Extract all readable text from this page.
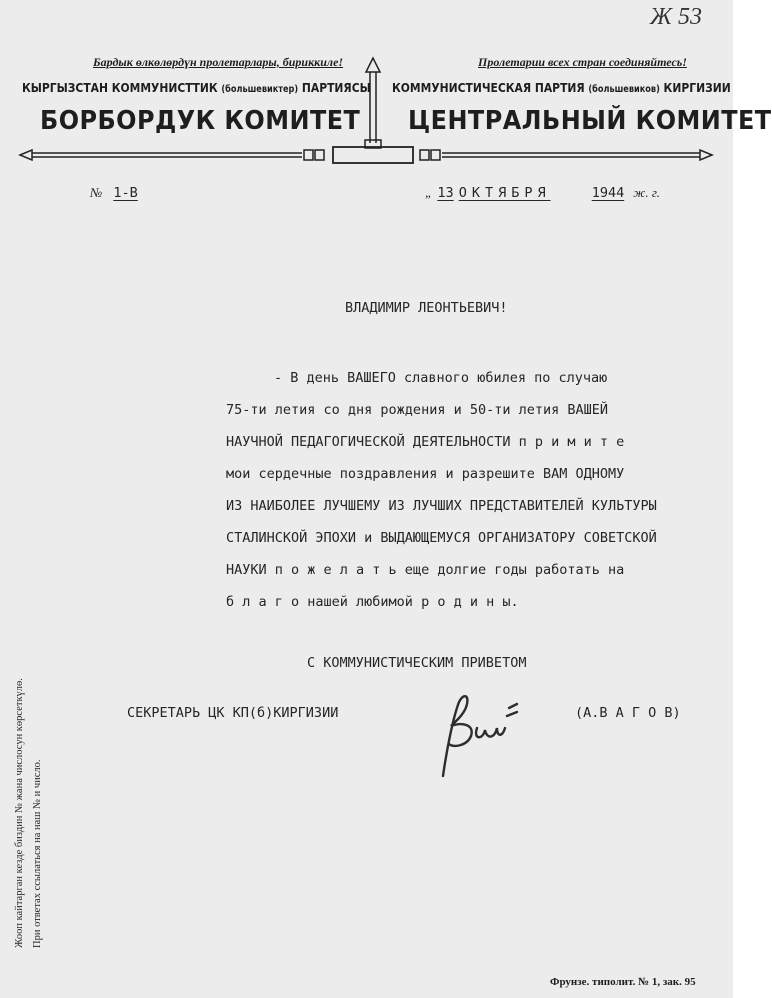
Ж 53
Бардык өлкөлөрдүн пролетарлары, бириккиле!
КЫРГЫЗСТАН КОММУНИСТТИК (большевиктер) ПАРТИЯСЫ
БОРБОРДУК КОМИТЕТ
Пролетарии всех стран соединяйтесь!
КОММУНИСТИЧЕСКАЯ ПАРТИЯ (большевиков) КИРГИЗИИ
ЦЕНТРАЛЬНЫЙ КОМИТЕТ
№ 1-В	„ 13 ОКТЯБРЯ	1944 ж. г.
ВЛАДИМИР ЛЕОНТЬЕВИЧ!
- В день ВАШЕГО славного юбилея по случаю
75-ти летия со дня рождения и 50-ти летия ВАШЕЙ
НАУЧНОЙ ПЕДАГОГИЧЕСКОЙ ДЕЯТЕЛЬНОСТИ п р и м и т е
мои сердечные поздравления и разрешите ВАМ ОДНОМУ
ИЗ НАИБОЛЕЕ ЛУЧШЕМУ ИЗ ЛУЧШИХ ПРЕДСТАВИТЕЛЕЙ КУЛЬТУРЫ
СТАЛИНСКОЙ ЭПОХИ и ВЫДАЮЩЕМУСЯ ОРГАНИЗАТОРУ СОВЕТСКОЙ
НАУКИ п о ж е л а т ь еще долгие годы работать на
б л а г о нашей любимой р о д и н ы.
С КОММУНИСТИЧЕСКИМ ПРИВЕТОМ
СЕКРЕТАРЬ ЦК КП(б)КИРГИЗИИ	(А.В А Г О В)
Жооп кайтарган кезде биздин № жана числосун көрсеткүлө. При ответах ссылаться на наш № и число.
Фрунзе. типолит. № 1, зак. 95
